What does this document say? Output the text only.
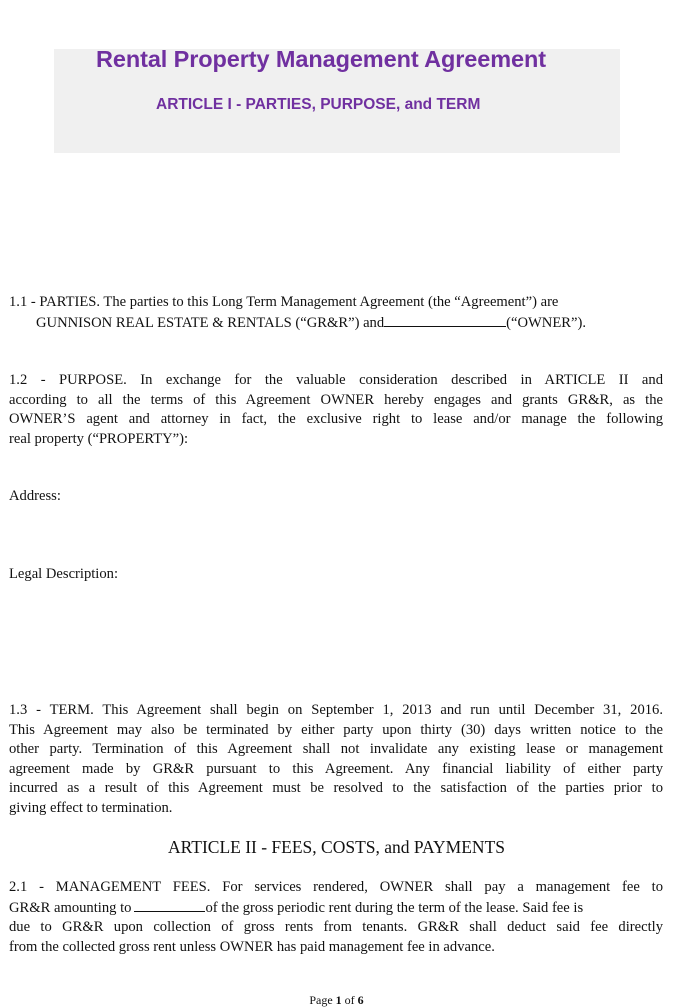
Rental Property Management Agreement
ARTICLE I - PARTIES, PURPOSE, and TERM
1.1 - PARTIES. The parties to this Long Term Management Agreement (the “Agreement”) are
GUNNISON REAL ESTATE & RENTALS (“GR&R”) and	(“OWNER”).
1.2 - PURPOSE. In exchange for the valuable consideration described in ARTICLE II and
according to all the terms of this Agreement OWNER hereby engages and grants GR&R, as the
OWNER’S agent and attorney in fact, the exclusive right to lease and/or manage the following
real property (“PROPERTY”):
Address:
Legal Description:
1.3 - TERM. This Agreement shall begin on September 1, 2013 and run until December 31, 2016.
This Agreement may also be terminated by either party upon thirty (30) days written notice to the
other party. Termination of this Agreement shall not invalidate any existing lease or management
agreement made by GR&R pursuant to this Agreement. Any financial liability of either party
incurred as a result of this Agreement must be resolved to the satisfaction of the parties prior to
giving effect to termination.
ARTICLE II - FEES, COSTS, and PAYMENTS
2.1 - MANAGEMENT FEES. For services rendered, OWNER shall pay a management fee to
GR&R amounting to	of the gross periodic rent during the term of the lease. Said fee is
due to GR&R upon collection of gross rents from tenants. GR&R shall deduct said fee directly
from the collected gross rent unless OWNER has paid management fee in advance.
Page 1 of 6
